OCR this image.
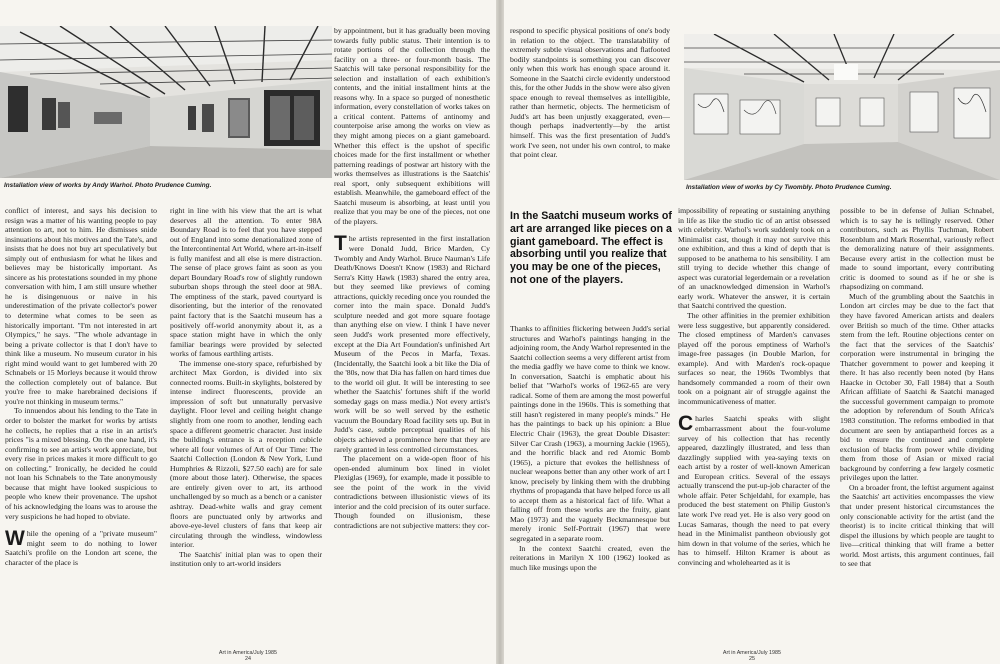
Installation view of works by Andy Warhol. Photo Prudence Cuming.

conflict of interest, and says his decision to resign was a matter of his wanting people to pay attention to art, not to him. He dismisses snide insinuations about his motives and the Tate's, and insists that he does not buy art speculatively but simply out of enthusiasm for what he likes and believes may be historically important. As sincere as his protestations sounded in my phone conversation with him, I am still unsure whether he is disingenuous or naive in his underestimation of the private collector's power to determine what comes to be seen as historically important. "I'm not interested in art Olympics," he says. "The whole advantage in being a private collector is that I don't have to think like a museum. No museum curator in his right mind would want to get lumbered with 20 Schnabels or 15 Morleys because it would throw the collection completely out of balance. But you're free to make harebrained decisions if you're not thinking in museum terms."

To innuendos about his lending to the Tate in order to bolster the market for works by artists he collects, he replies that a rise in an artist's prices "is a mixed blessing. On the one hand, it's confirming to see an artist's work appreciate, but every rise in prices makes it more difficult to go on collecting." Ironically, he decided he could not loan his Schnabels to the Tate anonymously because that might have looked suspicious to people who knew their provenance. The upshot of his acknowledging the loans was to arouse the very suspicions he had hoped to obviate.

While the opening of a "private museum" might seem to do nothing to lower Saatchi's profile on the London art scene, the character of the place is

right in line with his view that the art is what deserves all the attention. To enter 98A Boundary Road is to feel that you have stepped out of England into some denationalized zone of the Intercontinental Art World, where art-in-itself is fully manifest and all else is mere distraction. The sense of place grows faint as soon as you depart Boundary Road's row of slightly rundown suburban shops through the steel door at 98A. The emptiness of the stark, paved courtyard is disorienting, but the interior of the renovated paint factory that is the Saatchi museum has a positively off-world anonymity about it, as a space station might have in which the only familiar bearings were provided by selected works of famous earthling artists.

The immense one-story space, refurbished by architect Max Gordon, is divided into six connected rooms. Built-in skylights, bolstered by intense indirect fluorescents, provide an impression of soft but unnaturally pervasive daylight. Floor level and ceiling height change slightly from one room to another, lending each space a different geometric character. Just inside the building's entrance is a reception cubicle where all four volumes of Art of Our Time: The Saatchi Collection (London & New York, Lund Humphries & Rizzoli, $27.50 each) are for sale (more about those later). Otherwise, the spaces are entirely given over to art, its arthood unchallenged by so much as a bench or a canister ashtray. Dead-white walls and gray cement floors are punctuated only by artworks and above-eye-level clusters of fans that keep air circulating through the windless, windowless interior.

The Saatchis' initial plan was to open their institution only to art-world insiders

by appointment, but it has gradually been moving towards fully public status. Their intention is to rotate portions of the collection through the facility on a three- or four-month basis. The Saatchis will take personal responsibility for the selection and installation of each exhibition's contents, and the initial installment hints at the reasons why. In a space so purged of nonesthetic information, every constellation of works takes on a critical content. Patterns of antinomy and counterpoise arise among the works on view as they might among pieces on a giant gameboard. Whether this effect is the upshot of specific choices made for the first installment or whether patterning readings of postwar art history with the works themselves as illustrations is the Saatchis' real sport, only subsequent exhibitions will establish. Meanwhile, the gameboard effect of the Saatchi museum is absorbing, at least until you realize that you may be one of the pieces, not one of the players.

The artists represented in the first installation were Donald Judd, Brice Marden, Cy Twombly and Andy Warhol. Bruce Nauman's Life Death/Knows Doesn't Know (1983) and Richard Serra's Kitty Hawk (1983) shared the entry area, but they seemed like previews of coming attractions, quickly receding once you rounded the corner into the main space. Donald Judd's sculpture needed and got more square footage than anything else on view. I think I have never seen Judd's work presented more effectively, except at the Dia Art Foundation's unfinished Art Museum of the Pecos in Marfa, Texas. (Incidentally, the Saatchi look a bit like the Dia of the '80s, now that Dia has fallen on hard times due to the world oil glut. It will be interesting to see whether the Saatchis' fortunes shift if the world someday gags on mass media.) Not every artist's work will be so well served by the esthetic vacuum the Boundary Road facility sets up. But in Judd's case, subtle perceptual qualities of his objects achieved a prominence here that they are rarely granted in less controlled circumstances.

The placement on a wide-open floor of his open-ended aluminum box lined in violet Plexiglas (1969), for example, made it possible to see the point of the work in the vivid contradictions between illusionistic views of its interior and the cold precision of its outer surface. Though founded on illusionism, these contradictions are not subjective matters: they cor-

Art in America/July 1985
24

respond to specific physical positions of one's body in relation to the object. The translatability of extremely subtle visual observations and flatfooted bodily standpoints is something you can discover only when this work has enough space around it. Someone in the Saatchi circle evidently understood this, for the other Judds in the show were also given space enough to reveal themselves as intelligible, rather than hermetic, objects. The hermeticism of Judd's art has been unjustly exaggerated, even—though perhaps inadvertently—by the artist himself. This was the first presentation of Judd's work I've seen, not under his own control, to make that point clear.

Installation view of works by Cy Twombly. Photo Prudence Cuming.
In the Saatchi museum works of art are arranged like pieces on a giant gameboard. The effect is absorbing until you realize that you may be one of the pieces, not one of the players.

Thanks to affinities flickering between Judd's serial structures and Warhol's paintings hanging in the adjoining room, the Andy Warhol represented in the Saatchi collection seems a very different artist from the media gadfly we have come to think we know. In conversation, Saatchi is emphatic about his belief that "Warhol's works of 1962-65 are very radical. Some of them are among the most powerful paintings done in the 1960s. This is something that still hasn't registered in many people's minds." He has the paintings to back up his opinion: a Blue Electric Chair (1963), the great Double Disaster: Silver Car Crash (1963), a mourning Jackie (1965), and the horrific black and red Atomic Bomb (1965), a picture that evokes the hellishness of nuclear weapons better than any other work of art I know, precisely by linking them with the drubbing rhythms of propaganda that have helped force us all to accept them as a historical fact of life. What a falling off from these works are the fruity, giant Mao (1973) and the vaguely Beckmannesque but merely ironic Self-Portrait (1967) that were segregated in a separate room.

In the context Saatchi created, even the reiterations in Marilyn X 100 (1962) looked as much like musings upon the

impossibility of repeating or sustaining anything in life as like the studio tic of an artist obsessed with celebrity. Warhol's work suddenly took on a Minimalist cast, though it may not survive this one exhibition, and thus a kind of depth that is supposed to be anathema to his sensibility. I am still trying to decide whether this change of aspect was curatorial legerdemain or a revelation of an unacknowledged dimension in Warhol's early work. Whatever the answer, it is certain that Saatchi contrived the question.

The other affinities in the premier exhibition were less suggestive, but apparently considered. The closed emptiness of Marden's canvases played off the porous emptiness of Warhol's image-free passages (in Double Marlon, for example). And with Marden's rock-opaque surfaces so near, the 1960s Twomblys that handsomely commanded a room of their own took on a poignant air of struggle against the incommunicativeness of matter.

Charles Saatchi speaks with slight embarrassment about the four-volume survey of his collection that has recently appeared, dazzlingly illustrated, and less than dazzlingly supplied with yea-saying texts on each artist by a roster of well-known American and European critics. Several of the essays actually transcend the put-up-job character of the whole affair. Peter Schjeldahl, for example, has produced the best statement on Philip Guston's late work I've read yet. He is also very good on Lucas Samaras, though the need to pat every head in the Minimalist pantheon obviously got him down in that volume of the series, which he has to himself. Hilton Kramer is about as convincing and wholehearted as it is

possible to be in defense of Julian Schnabel, which is to say he is tellingly reserved. Other contributors, such as Phyllis Tuchman, Robert Rosenblum and Mark Rosenthal, variously reflect the demoralizing nature of their assignments. Because every artist in the collection must be made to sound important, every contributing critic is doomed to sound as if he or she is rhapsodizing on command.

Much of the grumbling about the Saatchis in London art circles may be due to the fact that they have favored American artists and dealers over British so much of the time. Other attacks stem from the left. Routine objections center on the fact that the services of the Saatchis' corporation were instrumental in bringing the Thatcher government to power and keeping it there. It has also recently been noted (by Hans Haacke in October 30, Fall 1984) that a South African affiliate of Saatchi & Saatchi managed the successful government campaign to promote the adoption by referendum of South Africa's 1983 constitution. The reforms embodied in that document are seen by antiapartheid forces as a bid to ensure the continued and complete exclusion of blacks from power while dividing them from those of Asian or mixed racial background by conferring a few largely cosmetic privileges upon the latter.

On a broader front, the leftist argument against the Saatchis' art activities encompasses the view that under present historical circumstances the only conscionable activity for the artist (and the theorist) is to incite critical thinking that will dispel the illusions by which people are taught to live—critical thinking that will frame a better world. Most artists, this argument continues, fail to see that

Art in America/July 1985
25
